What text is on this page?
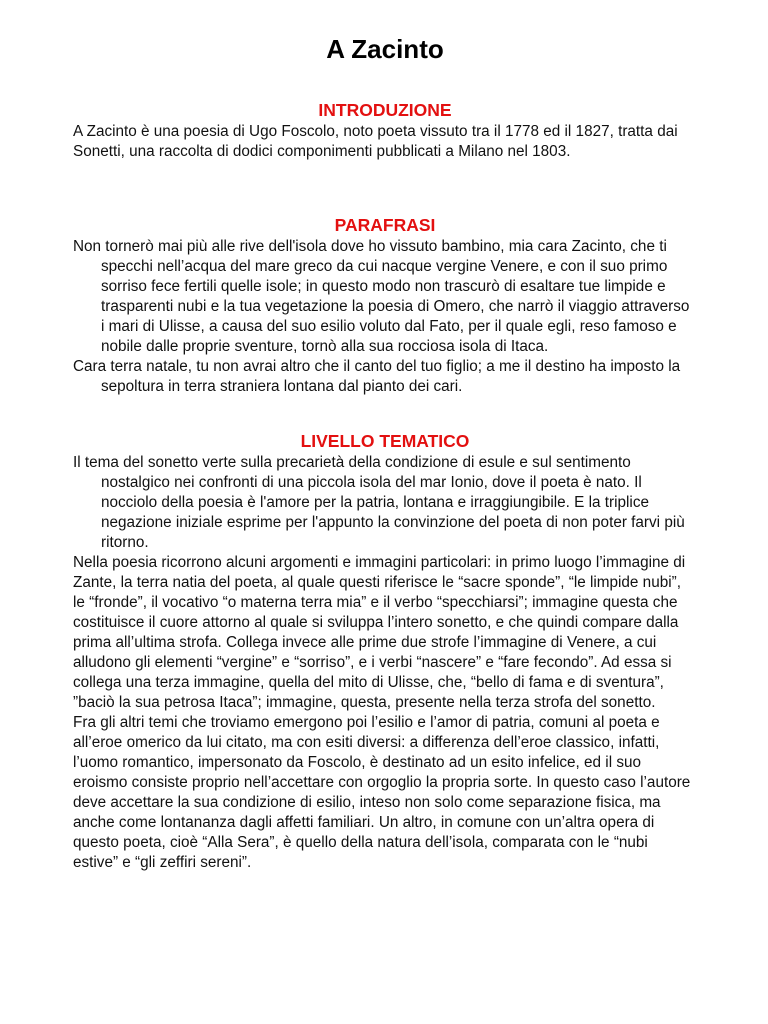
A Zacinto
INTRODUZIONE

A Zacinto è una poesia di Ugo Foscolo, noto poeta vissuto tra il 1778 ed il 1827, tratta dai Sonetti, una raccolta di dodici componimenti pubblicati a Milano nel 1803.

PARAFRASI

Non tornerò mai più alle rive dell'isola dove ho vissuto bambino, mia cara Zacinto, che ti specchi nell’acqua del mare greco da cui nacque vergine Venere, e con il suo primo sorriso fece fertili quelle isole; in questo modo non trascurò di esaltare tue limpide e trasparenti nubi e la tua vegetazione la poesia di Omero, che narrò il viaggio attraverso i mari di Ulisse, a causa del suo esilio voluto dal Fato, per il quale egli, reso famoso e nobile dalle proprie sventure, tornò alla sua rocciosa isola di Itaca.

Cara terra natale, tu non avrai altro che il canto del tuo figlio; a me il destino ha imposto la sepoltura in terra straniera lontana dal pianto dei cari.

LIVELLO TEMATICO

Il tema del sonetto verte sulla precarietà della condizione di esule e sul sentimento nostalgico nei confronti di una piccola isola del mar Ionio, dove il poeta è nato. Il nocciolo della poesia è l'amore per la patria, lontana e irraggiungibile. E la triplice negazione iniziale esprime per l'appunto la convinzione del poeta di non poter farvi più ritorno.

Nella poesia ricorrono alcuni argomenti e immagini particolari: in primo luogo l’immagine di Zante, la terra natia del poeta, al quale questi riferisce le “sacre sponde”, “le limpide nubi”, le “fronde”, il vocativo “o materna terra mia” e il verbo “specchiarsi”; immagine questa che costituisce il cuore attorno al quale si sviluppa l’intero sonetto, e che quindi compare dalla prima all’ultima strofa. Collega invece alle prime due strofe l’immagine di Venere, a cui alludono gli elementi “vergine” e “sorriso”, e i verbi “nascere” e “fare fecondo”. Ad essa si collega una terza immagine, quella del mito di Ulisse, che, “bello di fama e di sventura”, ”baciò la sua petrosa Itaca”; immagine, questa, presente nella terza strofa del sonetto.

Fra gli altri temi che troviamo emergono poi l’esilio e l’amor di patria, comuni al poeta e all’eroe omerico da lui citato, ma con esiti diversi: a differenza dell’eroe classico, infatti, l’uomo romantico, impersonato da Foscolo, è destinato ad un esito infelice, ed il suo eroismo consiste proprio nell’accettare con orgoglio la propria sorte. In questo caso l’autore deve accettare la sua condizione di esilio, inteso non solo come separazione fisica, ma anche come lontananza dagli affetti familiari. Un altro, in comune con un’altra opera di questo poeta, cioè “Alla Sera”, è quello della natura dell’isola, comparata con le “nubi estive” e “gli zeffiri sereni”.
